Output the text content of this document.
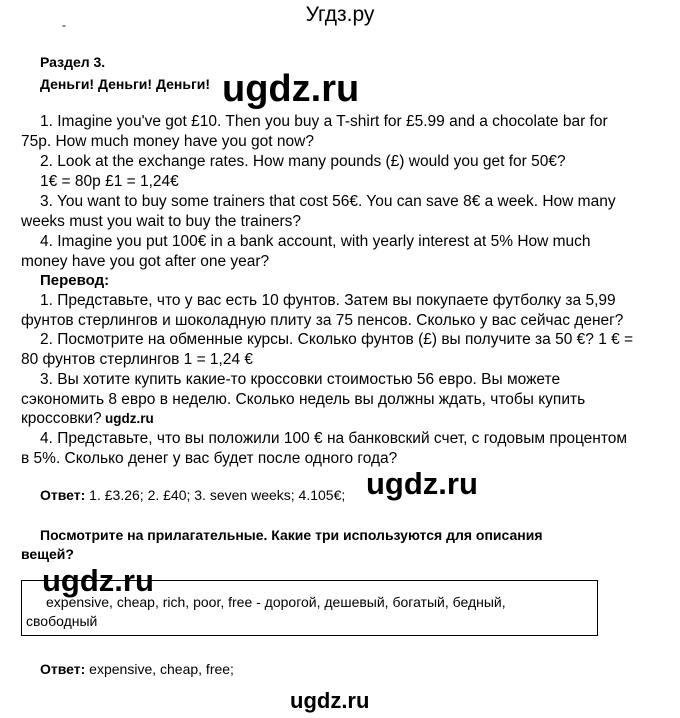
Угдз.ру
-
Раздел 3.
Деньги! Деньги! Деньги! ugdz.ru
1. Imagine you've got £10. Then you buy a T-shirt for £5.99 and a chocolate bar for
75p. How much money have you got now?
2. Look at the exchange rates. How many pounds (£) would you get for 50€?
1€ = 80p £1 = 1,24€
3. You want to buy some trainers that cost 56€. You can save 8€ a week. How many
weeks must you wait to buy the trainers?
4. Imagine you put 100€ in a bank account, with yearly interest at 5% How much
money have you got after one year?
Перевод:
1. Представьте, что у вас есть 10 фунтов. Затем вы покупаете футболку за 5,99
фунтов стерлингов и шоколадную плиту за 75 пенсов. Сколько у вас сейчас денег?
2. Посмотрите на обменные курсы. Сколько фунтов (£) вы получите за 50 €? 1 € =
80 фунтов стерлингов 1 = 1,24 €
3. Вы хотите купить какие-то кроссовки стоимостью 56 евро. Вы можете
сэкономить 8 евро в неделю. Сколько недель вы должны ждать, чтобы купить
кроссовки? ugdz.ru
4. Представьте, что вы положили 100 € на банковский счет, с годовым процентом
в 5%. Сколько денег у вас будет после одного года?
Ответ: 1. £3.26; 2. £40; 3. seven weeks; 4.105€; ugdz.ru
Посмотрите на прилагательные. Какие три используются для описания
вещей?
ugdz.ru
expensive, cheap, rich, poor, free - дорогой, дешевый, богатый, бедный,
свободный
Ответ: expensive, cheap, free;
ugdz.ru
